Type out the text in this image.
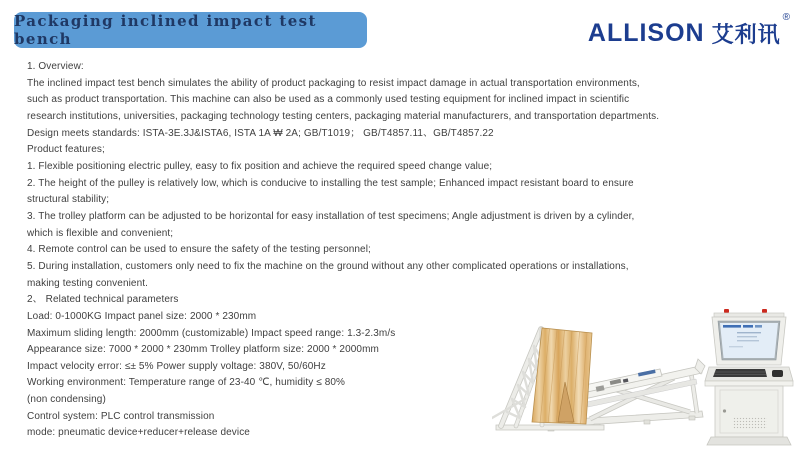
Packaging inclined impact test bench	ALLISON 艾利讯
®
1. Overview:
The inclined impact test bench simulates the ability of product packaging to resist impact damage in actual transportation environments,
such as product transportation. This machine can also be used as a commonly used testing equipment for inclined impact in scientific
research institutions, universities, packaging technology testing centers, packaging material manufacturers, and transportation departments.
Design meets standards: ISTA-3E.3J&ISTA6, ISTA 1A ₩ 2A; GB/T1019； GB/T4857.11、GB/T4857.22
Product features;
1. Flexible positioning electric pulley, easy to fix position and achieve the required speed change value;
2. The height of the pulley is relatively low, which is conducive to installing the test sample; Enhanced impact resistant board to ensure
structural stability;
3. The trolley platform can be adjusted to be horizontal for easy installation of test specimens; Angle adjustment is driven by a cylinder,
which is flexible and convenient;
4. Remote control can be used to ensure the safety of the testing personnel;
5. During installation, customers only need to fix the machine on the ground without any other complicated operations or installations,
making testing convenient.
2、 Related technical parameters
Load: 0-1000KG Impact panel size: 2000 * 230mm
Maximum sliding length: 2000mm (customizable) Impact speed range: 1.3-2.3m/s
Appearance size: 7000 * 2000 * 230mm Trolley platform size: 2000 * 2000mm
Impact velocity error: ≤± 5% Power supply voltage: 380V, 50/60Hz
Working environment: Temperature range of 23-40 ℃, humidity ≤ 80%
(non condensing)
Control system: PLC control transmission
mode: pneumatic device+reducer+release device
